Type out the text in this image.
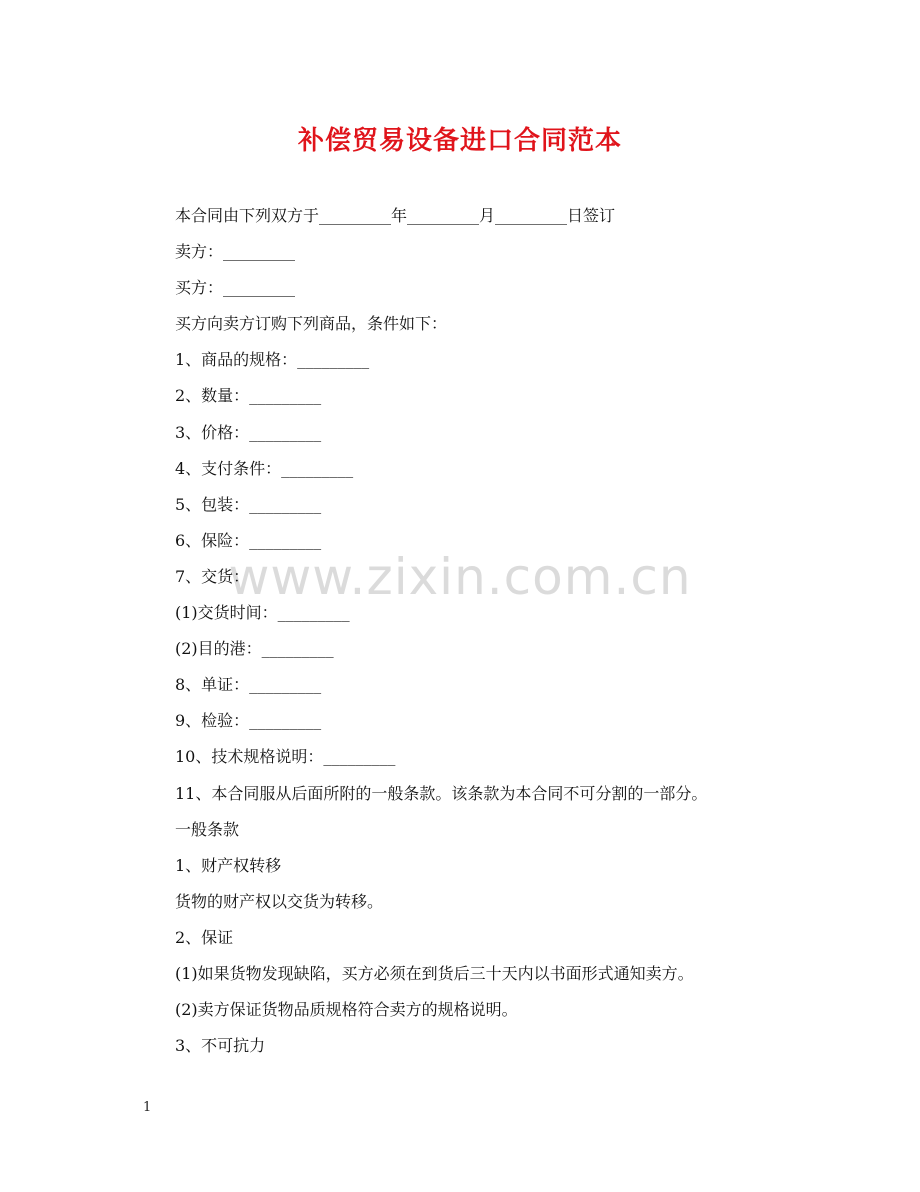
补偿贸易设备进口合同范本
www.zixin.com.cn
本合同由下列双方于_________年_________月_________日签订
卖方：_________
买方：_________
买方向卖方订购下列商品，条件如下：
1、商品的规格：_________
2、数量：_________
3、价格：_________
4、支付条件：_________
5、包装：_________
6、保险：_________
7、交货：
(1)交货时间：_________
(2)目的港：_________
8、单证：_________
9、检验：_________
10、技术规格说明：_________
11、本合同服从后面所附的一般条款。该条款为本合同不可分割的一部分。
一般条款
1、财产权转移
货物的财产权以交货为转移。
2、保证
(1)如果货物发现缺陷，买方必须在到货后三十天内以书面形式通知卖方。
(2)卖方保证货物品质规格符合卖方的规格说明。
3、不可抗力
1
